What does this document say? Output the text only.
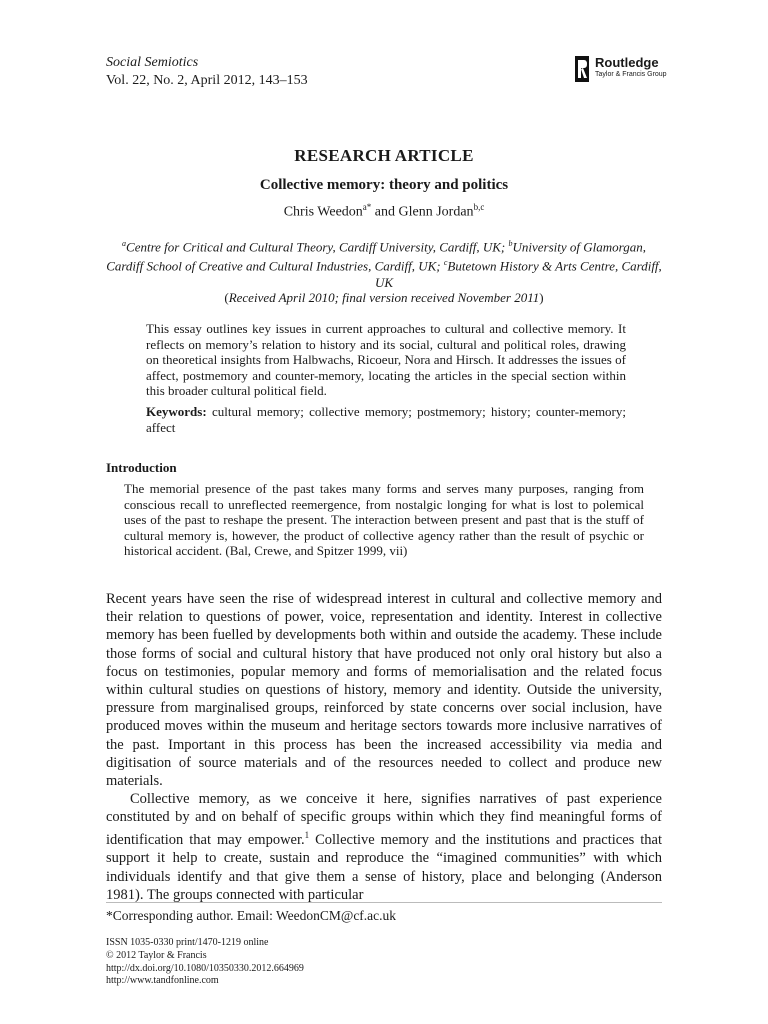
Social Semiotics
Vol. 22, No. 2, April 2012, 143–153
Routledge
Taylor & Francis Group
RESEARCH ARTICLE
Collective memory: theory and politics
Chris Weedon$^{a*}$ and Glenn Jordan$^{b,c}$
$^a$Centre for Critical and Cultural Theory, Cardiff University, Cardiff, UK; $^b$University of Glamorgan, Cardiff School of Creative and Cultural Industries, Cardiff, UK; $^c$Butetown History & Arts Centre, Cardiff, UK
(Received April 2010; final version received November 2011)
This essay outlines key issues in current approaches to cultural and collective memory. It reflects on memory’s relation to history and its social, cultural and political roles, drawing on theoretical insights from Halbwachs, Ricoeur, Nora and Hirsch. It addresses the issues of affect, postmemory and counter-memory, locating the articles in the special section within this broader cultural political field.
Keywords: cultural memory; collective memory; postmemory; history; counter-memory; affect
Introduction
The memorial presence of the past takes many forms and serves many purposes, ranging from conscious recall to unreflected reemergence, from nostalgic longing for what is lost to polemical uses of the past to reshape the present. The interaction between present and past that is the stuff of cultural memory is, however, the product of collective agency rather than the result of psychic or historical accident. (Bal, Crewe, and Spitzer 1999, vii)
Recent years have seen the rise of widespread interest in cultural and collective memory and their relation to questions of power, voice, representation and identity. Interest in collective memory has been fuelled by developments both within and outside the academy. These include those forms of social and cultural history that have produced not only oral history but also a focus on testimonies, popular memory and forms of memorialisation and the related focus within cultural studies on questions of history, memory and identity. Outside the university, pressure from marginalised groups, reinforced by state concerns over social inclusion, have produced moves within the museum and heritage sectors towards more inclusive narratives of the past. Important in this process has been the increased accessibility via media and digitisation of source materials and of the resources needed to collect and produce new materials.
Collective memory, as we conceive it here, signifies narratives of past experience constituted by and on behalf of specific groups within which they find meaningful forms of identification that may empower.$^1$ Collective memory and the institutions and practices that support it help to create, sustain and reproduce the “imagined communities” with which individuals identify and that give them a sense of history, place and belonging (Anderson 1981). The groups connected with particular
*Corresponding author. Email: WeedonCM@cf.ac.uk
ISSN 1035-0330 print/1470-1219 online
© 2012 Taylor & Francis
http://dx.doi.org/10.1080/10350330.2012.664969
http://www.tandfonline.com
